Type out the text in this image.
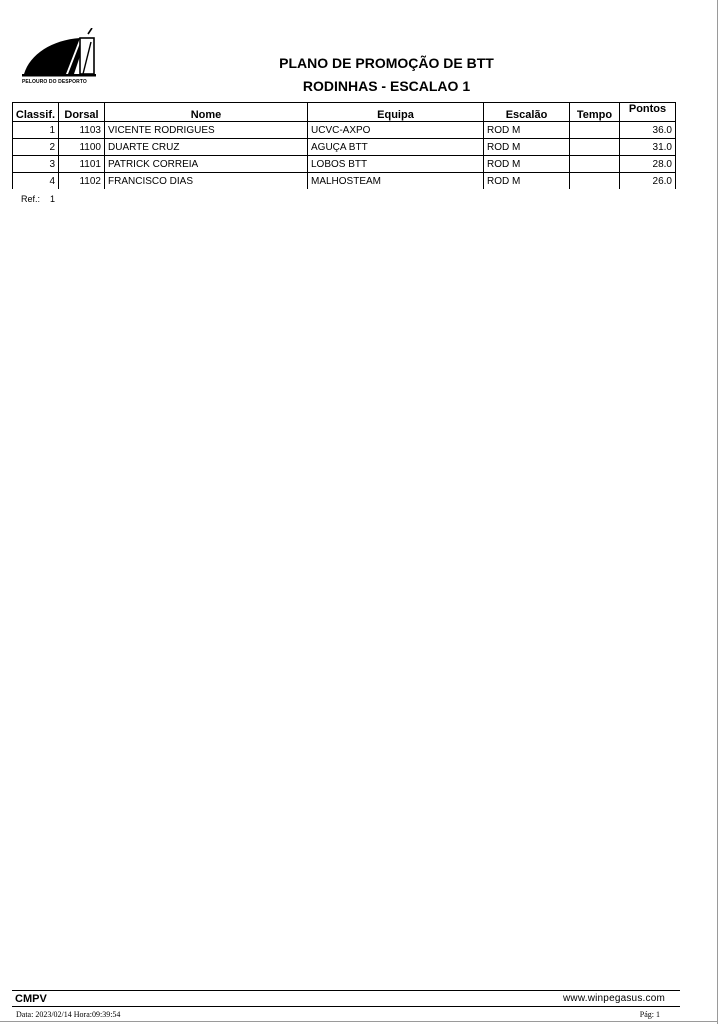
PELOURO DO DESPORTO
PLANO DE PROMOÇÃO DE BTT
RODINHAS - ESCALAO 1
Classif.	Dorsal	Nome	Equipa	Escalão	Tempo	Pontos
1	1103	VICENTE RODRIGUES	UCVC-AXPO	ROD M		36.0
2	1100	DUARTE CRUZ	AGUÇA BTT	ROD M		31.0
3	1101	PATRICK CORREIA	LOBOS BTT	ROD M		28.0
4	1102	FRANCISCO DIAS	MALHOSTEAM	ROD M		26.0
Ref.: 1
CMPV	www.winpegasus.com
Data: 2023/02/14 Hora:09:39:54	Pág: 1
